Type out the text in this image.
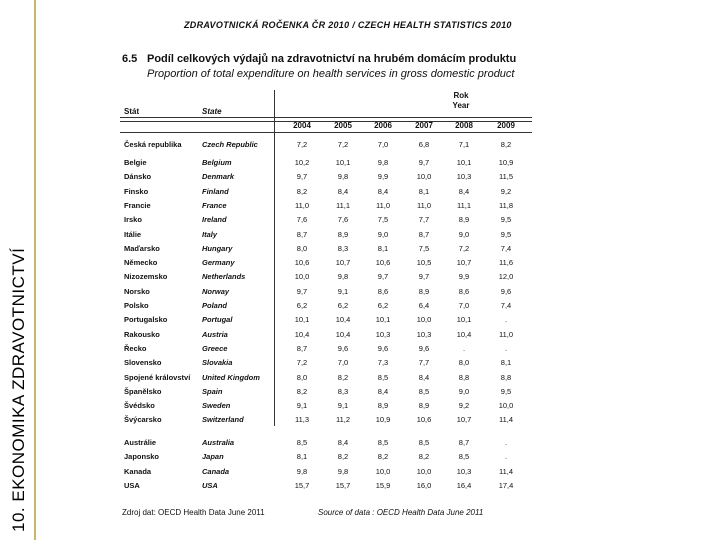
10. EKONOMIKA ZDRAVOTNICTVÍ
ZDRAVOTNICKÁ ROČENKA ČR 2010 / CZECH HEALTH STATISTICS 2010
6.5 Podíl celkových výdajů na zdravotnictví na hrubém domácím produktu
Proportion of total expenditure on health services in gross domestic product
Stát	State
Rok
Year
2004	2005	2006	2007	2008	2009
Česká republika	Czech Republic	7,2	7,2	7,0	6,8	7,1	8,2
Belgie	Belgium	10,2	10,1	9,8	9,7	10,1	10,9
Dánsko	Denmark	9,7	9,8	9,9	10,0	10,3	11,5
Finsko	Finland	8,2	8,4	8,4	8,1	8,4	9,2
Francie	France	11,0	11,1	11,0	11,0	11,1	11,8
Irsko	Ireland	7,6	7,6	7,5	7,7	8,9	9,5
Itálie	Italy	8,7	8,9	9,0	8,7	9,0	9,5
Maďarsko	Hungary	8,0	8,3	8,1	7,5	7,2	7,4
Německo	Germany	10,6	10,7	10,6	10,5	10,7	11,6
Nizozemsko	Netherlands	10,0	9,8	9,7	9,7	9,9	12,0
Norsko	Norway	9,7	9,1	8,6	8,9	8,6	9,6
Polsko	Poland	6,2	6,2	6,2	6,4	7,0	7,4
Portugalsko	Portugal	10,1	10,4	10,1	10,0	10,1	.
Rakousko	Austria	10,4	10,4	10,3	10,3	10,4	11,0
Řecko	Greece	8,7	9,6	9,6	9,6	.	.
Slovensko	Slovakia	7,2	7,0	7,3	7,7	8,0	8,1
Spojené království United Kingdom	8,0	8,2	8,5	8,4	8,8	8,8
Španělsko	Spain	8,2	8,3	8,4	8,5	9,0	9,5
Švédsko	Sweden	9,1	9,1	8,9	8,9	9,2	10,0
Švýcarsko	Switzerland	11,3	11,2	10,9	10,6	10,7	11,4
Austrálie	Australia	8,5	8,4	8,5	8,5	8,7	.
Japonsko	Japan	8,1	8,2	8,2	8,2	8,5	.
Kanada	Canada	9,8	9,8	10,0	10,0	10,3	11,4
USA	USA	15,7	15,7	15,9	16,0	16,4	17,4
Zdroj dat: OECD Health Data June 2011	Source of data : OECD Health Data June 2011
